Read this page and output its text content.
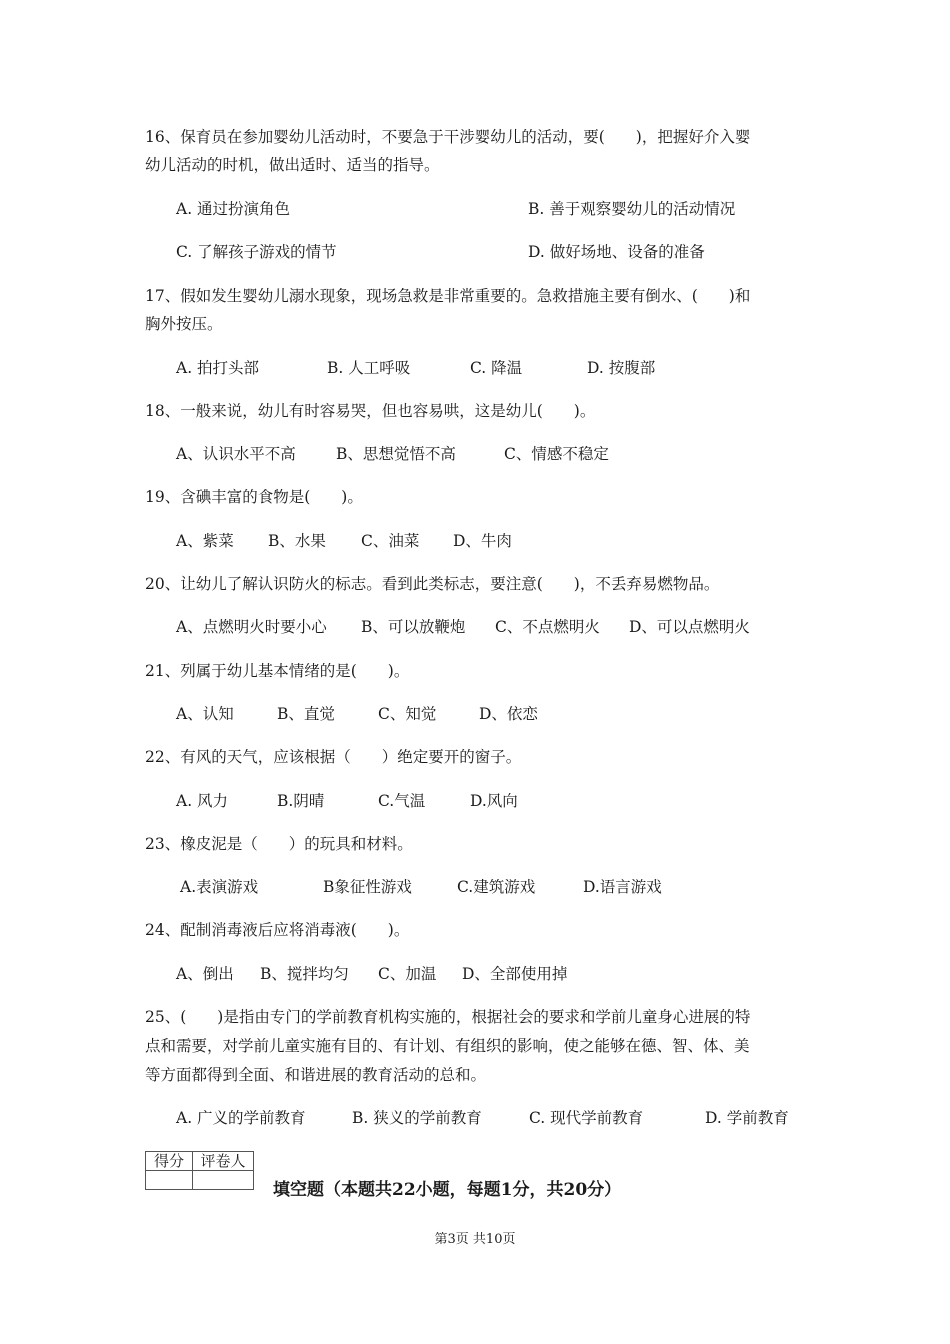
16、保育员在参加婴幼儿活动时，不要急于干涉婴幼儿的活动，要(　　)，把握好介入婴
幼儿活动的时机，做出适时、适当的指导。
A. 通过扮演角色	B. 善于观察婴幼儿的活动情况
C. 了解孩子游戏的情节	D. 做好场地、设备的准备
17、假如发生婴幼儿溺水现象，现场急救是非常重要的。急救措施主要有倒水、(　　)和
胸外按压。
A. 拍打头部	B. 人工呼吸	C. 降温	D. 按腹部
18、一般来说，幼儿有时容易哭，但也容易哄，这是幼儿(　　)。
A、认识水平不高	B、思想觉悟不高	C、情感不稳定
19、含碘丰富的食物是(　　)。
A、紫菜 B、水果 C、油菜 D、牛肉
20、让幼儿了解认识防火的标志。看到此类标志，要注意(　　)，不丢弃易燃物品。
A、点燃明火时要小心 B、可以放鞭炮 C、不点燃明火 D、可以点燃明火
21、列属于幼儿基本情绪的是(　　)。
A、认知	B、直觉	C、知觉	D、依恋
22、有风的天气，应该根据（　　）绝定要开的窗子。
A. 风力	B.阴晴	C.气温	D.风向
23、橡皮泥是（　　）的玩具和材料。
A.表演游戏	B象征性游戏	C.建筑游戏	D.语言游戏
24、配制消毒液后应将消毒液(　　)。
A、倒出 B、搅拌均匀 C、加温 D、全部使用掉
25、(　　)是指由专门的学前教育机构实施的，根据社会的要求和学前儿童身心进展的特
点和需要，对学前儿童实施有目的、有计划、有组织的影响，使之能够在德、智、体、美
等方面都得到全面、和谐进展的教育活动的总和。
A. 广义的学前教育	B. 狭义的学前教育	C. 现代学前教育	D. 学前教育
得分	评卷人

填空题（本题共22小题，每题1分，共20分）
第3页 共10页
